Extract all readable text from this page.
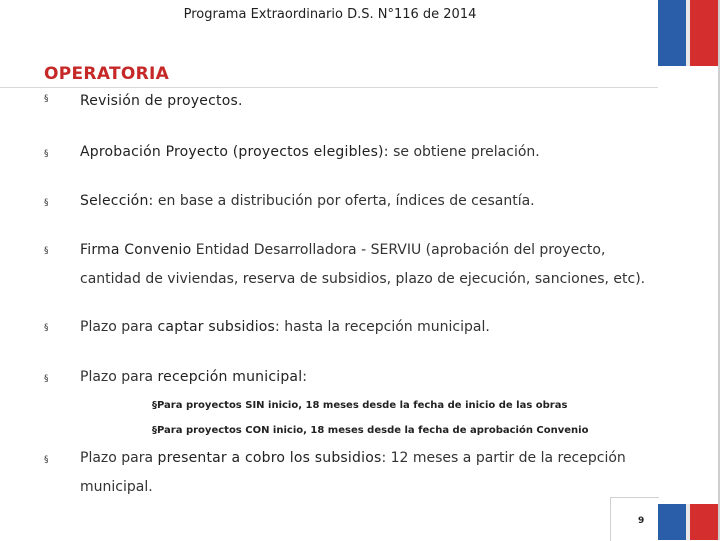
Programa Extraordinario D.S. N°116 de 2014
OPERATORIA
§ Revisión de proyectos.
§ Aprobación Proyecto (proyectos elegibles): se obtiene prelación.
§ Selección: en base a distribución por oferta, índices de cesantía.
§ Firma Convenio Entidad Desarrolladora - SERVIU (aprobación del proyecto,
cantidad de viviendas, reserva de subsidios, plazo de ejecución, sanciones, etc).
§ Plazo para captar subsidios: hasta la recepción municipal.
§ Plazo para recepción municipal:
§Para proyectos SIN inicio, 18 meses desde la fecha de inicio de las obras
§Para proyectos CON inicio, 18 meses desde la fecha de aprobación Convenio
§ Plazo para presentar a cobro los subsidios: 12 meses a partir de la recepción
municipal.
9
